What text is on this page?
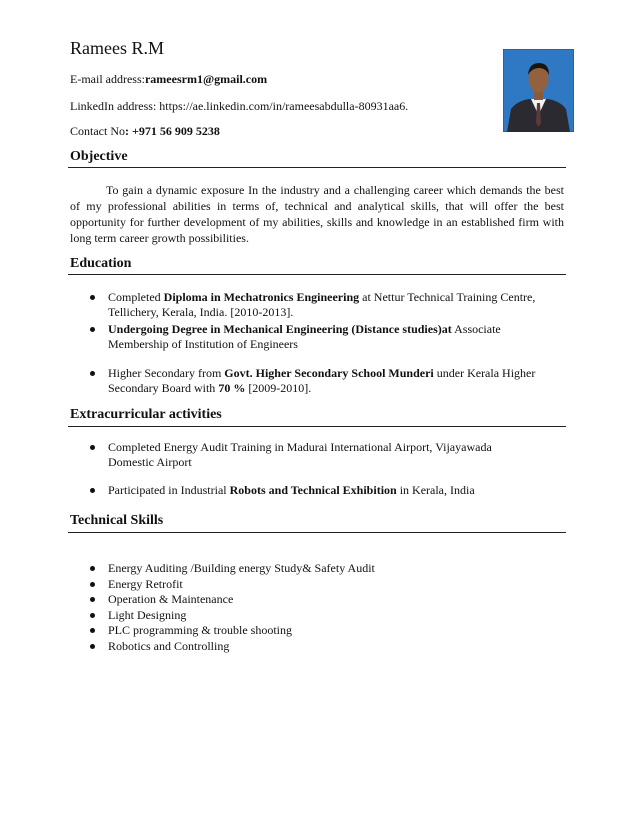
Ramees R.M
E-mail address:rameesrm1@gmail.com
LinkedIn address: https://ae.linkedin.com/in/rameesabdulla-80931aa6.
Contact No: +971 56 909 5238
Objective

To gain a dynamic exposure In the industry and a challenging career which demands the best of my professional abilities in terms of, technical and analytical skills, that will offer the best opportunity for further development of my abilities, skills and knowledge in an established firm with long term career growth possibilities.

Education
Completed Diploma in Mechatronics Engineering at Nettur Technical Training Centre, Tellichery, Kerala, India. [2010-2013].
Undergoing Degree in Mechanical Engineering (Distance studies)at Associate Membership of Institution of Engineers
Higher Secondary from Govt. Higher Secondary School Munderi under Kerala Higher Secondary Board with 70 % [2009-2010].
Extracurricular activities
Completed Energy Audit Training in Madurai International Airport, Vijayawada Domestic Airport
Participated in Industrial Robots and Technical Exhibition in Kerala, India
Technical Skills
Energy Auditing /Building energy Study& Safety Audit
Energy Retrofit
Operation & Maintenance
Light Designing
PLC programming & trouble shooting
Robotics and Controlling
